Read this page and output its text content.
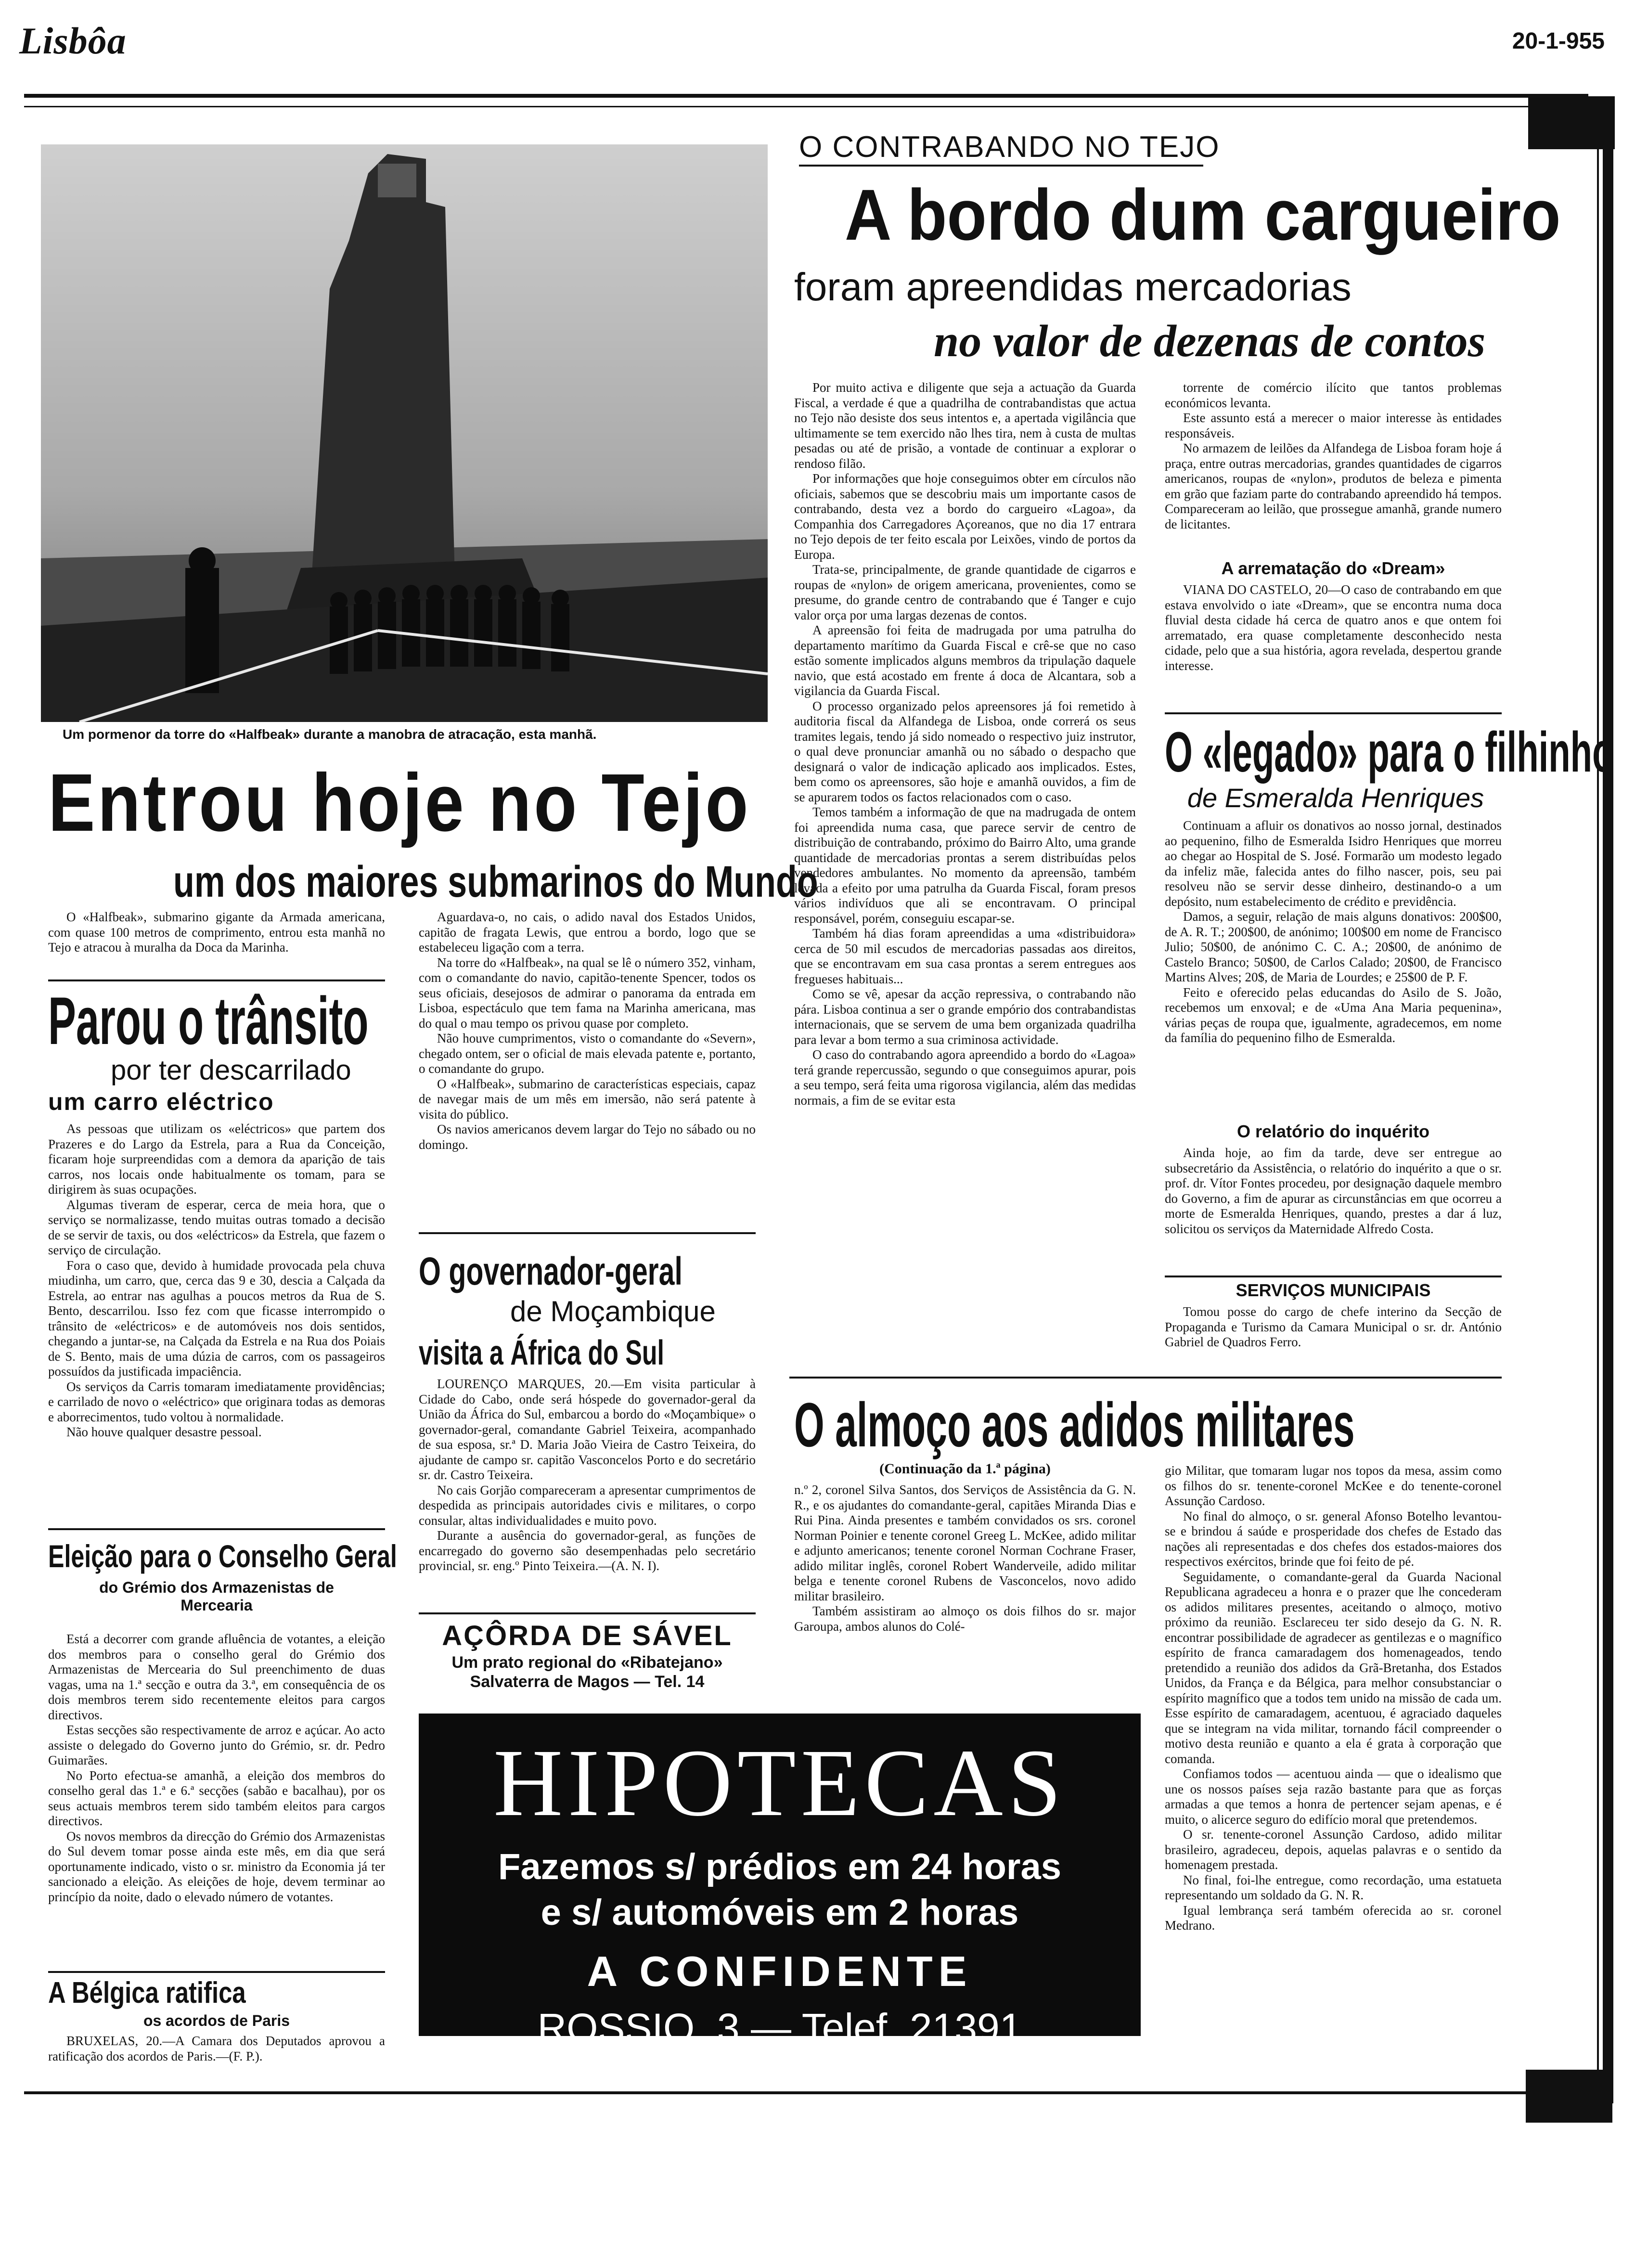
Lisbôa	20-1-955
Um pormenor da torre do «Halfbeak» durante a manobra de atracação, esta manhã.
Entrou hoje no Tejo
um dos maiores submarinos do Mundo

O «Halfbeak», submarino gigante da Armada americana, com quase 100 metros de comprimento, entrou esta manhã no Tejo e atracou à muralha da Doca da Marinha.

Aguardava-o, no cais, o adido naval dos Estados Unidos, capitão de fragata Lewis, que entrou a bordo, logo que se estabeleceu ligação com a terra.

Na torre do «Halfbeak», na qual se lê o número 352, vinham, com o comandante do navio, capitão-tenente Spencer, todos os seus oficiais, desejosos de admirar o panorama da entrada em Lisboa, espectáculo que tem fama na Marinha americana, mas do qual o mau tempo os privou quase por completo.

Não houve cumprimentos, visto o comandante do «Severn», chegado ontem, ser o oficial de mais elevada patente e, portanto, o comandante do grupo.

O «Halfbeak», submarino de características especiais, capaz de navegar mais de um mês em imersão, não será patente à visita do público.

Os navios americanos devem largar do Tejo no sábado ou no domingo.

Parou o trânsito
por ter descarrilado
um carro eléctrico

As pessoas que utilizam os «eléctricos» que partem dos Prazeres e do Largo da Estrela, para a Rua da Conceição, ficaram hoje surpreendidas com a demora da aparição de tais carros, nos locais onde habitualmente os tomam, para se dirigirem às suas ocupações.

Algumas tiveram de esperar, cerca de meia hora, que o serviço se normalizasse, tendo muitas outras tomado a decisão de se servir de taxis, ou dos «eléctricos» da Estrela, que fazem o serviço de circulação.

Fora o caso que, devido à humidade provocada pela chuva miudinha, um carro, que, cerca das 9 e 30, descia a Calçada da Estrela, ao entrar nas agulhas a poucos metros da Rua de S. Bento, descarrilou. Isso fez com que ficasse interrompido o trânsito de «eléctricos» e de automóveis nos dois sentidos, chegando a juntar-se, na Calçada da Estrela e na Rua dos Poiais de S. Bento, mais de uma dúzia de carros, com os passageiros possuídos da justificada impaciência.

Os serviços da Carris tomaram imediatamente providências; e carrilado de novo o «eléctrico» que originara todas as demoras e aborrecimentos, tudo voltou à normalidade.

Não houve qualquer desastre pessoal.

Eleição para o Conselho Geral
do Grémio dos Armazenistas de Mercearia

Está a decorrer com grande afluência de votantes, a eleição dos membros para o conselho geral do Grémio dos Armazenistas de Mercearia do Sul preenchimento de duas vagas, uma na 1.ª secção e outra da 3.ª, em consequência de os dois membros terem sido recentemente eleitos para cargos directivos.

Estas secções são respectivamente de arroz e açúcar. Ao acto assiste o delegado do Governo junto do Grémio, sr. dr. Pedro Guimarães.

No Porto efectua-se amanhã, a eleição dos membros do conselho geral das 1.ª e 6.ª secções (sabão e bacalhau), por os seus actuais membros terem sido também eleitos para cargos directivos.

Os novos membros da direcção do Grémio dos Armazenistas do Sul devem tomar posse ainda este mês, em dia que será oportunamente indicado, visto o sr. ministro da Economia já ter sancionado a eleição. As eleições de hoje, devem terminar ao princípio da noite, dado o elevado número de votantes.

A Bélgica ratifica
os acordos de Paris

BRUXELAS, 20.—A Camara dos Deputados aprovou a ratificação dos acordos de Paris.—(F. P.).

O governador-geral
de Moçambique
visita a África do Sul

LOURENÇO MARQUES, 20.—Em visita particular à Cidade do Cabo, onde será hóspede do governador-geral da União da África do Sul, embarcou a bordo do «Moçambique» o governador-geral, comandante Gabriel Teixeira, acompanhado de sua esposa, sr.ª D. Maria João Vieira de Castro Teixeira, do ajudante de campo sr. capitão Vasconcelos Porto e do secretário sr. dr. Castro Teixeira.

No cais Gorjão compareceram a apresentar cumprimentos de despedida as principais autoridades civis e militares, o corpo consular, altas individualidades e muito povo.

Durante a ausência do governador-geral, as funções de encarregado do governo são desempenhadas pelo secretário provincial, sr. eng.º Pinto Teixeira.—(A. N. I).

AÇÔRDA DE SÁVEL
Um prato regional do «Ribatejano»
Salvaterra de Magos — Tel. 14
HIPOTECAS
Fazemos s/ prédios em 24 horas
e s/ automóveis em 2 horas
A CONFIDENTE
ROSSIO, 3 — Telef. 21391
O CONTRABANDO NO TEJO
A bordo dum cargueiro
foram apreendidas mercadorias
no valor de dezenas de contos

Por muito activa e diligente que seja a actuação da Guarda Fiscal, a verdade é que a quadrilha de contrabandistas que actua no Tejo não desiste dos seus intentos e, a apertada vigilância que ultimamente se tem exercido não lhes tira, nem à custa de multas pesadas ou até de prisão, a vontade de continuar a explorar o rendoso filão.

Por informações que hoje conseguimos obter em círculos não oficiais, sabemos que se descobriu mais um importante casos de contrabando, desta vez a bordo do cargueiro «Lagoa», da Companhia dos Carregadores Açoreanos, que no dia 17 entrara no Tejo depois de ter feito escala por Leixões, vindo de portos da Europa.

Trata-se, principalmente, de grande quantidade de cigarros e roupas de «nylon» de origem americana, provenientes, como se presume, do grande centro de contrabando que é Tanger e cujo valor orça por uma largas dezenas de contos.

A apreensão foi feita de madrugada por uma patrulha do departamento marítimo da Guarda Fiscal e crê-se que no caso estão somente implicados alguns membros da tripulação daquele navio, que está acostado em frente á doca de Alcantara, sob a vigilancia da Guarda Fiscal.

O processo organizado pelos apreensores já foi remetido à auditoria fiscal da Alfandega de Lisboa, onde correrá os seus tramites legais, tendo já sido nomeado o respectivo juiz instrutor, o qual deve pronunciar amanhã ou no sábado o despacho que designará o valor de indicação aplicado aos implicados. Estes, bem como os apreensores, são hoje e amanhã ouvidos, a fim de se apurarem todos os factos relacionados com o caso.

Temos também a informação de que na madrugada de ontem foi apreendida numa casa, que parece servir de centro de distribuição de contrabando, próximo do Bairro Alto, uma grande quantidade de mercadorias prontas a serem distribuídas pelos vendedores ambulantes. No momento da apreensão, também levada a efeito por uma patrulha da Guarda Fiscal, foram presos vários indivíduos que ali se encontravam. O principal responsável, porém, conseguiu escapar-se.

Também há dias foram apreendidas a uma «distribuidora» cerca de 50 mil escudos de mercadorias passadas aos direitos, que se encontravam em sua casa prontas a serem entregues aos fregueses habituais...

Como se vê, apesar da acção repressiva, o contrabando não pára. Lisboa continua a ser o grande empório dos contrabandistas internacionais, que se servem de uma bem organizada quadrilha para levar a bom termo a sua criminosa actividade.

O caso do contrabando agora apreendido a bordo do «Lagoa» terá grande repercussão, segundo o que conseguimos apurar, pois a seu tempo, será feita uma rigorosa vigilancia, além das medidas normais, a fim de se evitar esta

torrente de comércio ilícito que tantos problemas económicos levanta.

Este assunto está a merecer o maior interesse às entidades responsáveis.

No armazem de leilões da Alfandega de Lisboa foram hoje á praça, entre outras mercadorias, grandes quantidades de cigarros americanos, roupas de «nylon», produtos de beleza e pimenta em grão que faziam parte do contrabando apreendido há tempos. Compareceram ao leilão, que prossegue amanhã, grande numero de licitantes.

A arrematação do «Dream»

VIANA DO CASTELO, 20—O caso de contrabando em que estava envolvido o iate «Dream», que se encontra numa doca fluvial desta cidade há cerca de quatro anos e que ontem foi arrematado, era quase completamente desconhecido nesta cidade, pelo que a sua história, agora revelada, despertou grande interesse.

O «legado» para o filhinho
de Esmeralda Henriques

Continuam a afluir os donativos ao nosso jornal, destinados ao pequenino, filho de Esmeralda Isidro Henriques que morreu ao chegar ao Hospital de S. José. Formarão um modesto legado da infeliz mãe, falecida antes do filho nascer, pois, seu pai resolveu não se servir desse dinheiro, destinando-o a um depósito, num estabelecimento de crédito e previdência.

Damos, a seguir, relação de mais alguns donativos: 200$00, de A. R. T.; 200$00, de anónimo; 100$00 em nome de Francisco Julio; 50$00, de anónimo C. C. A.; 20$00, de anónimo de Castelo Branco; 50$00, de Carlos Calado; 20$00, de Francisco Martins Alves; 20$, de Maria de Lourdes; e 25$00 de P. F.

Feito e oferecido pelas educandas do Asilo de S. João, recebemos um enxoval; e de «Uma Ana Maria pequenina», várias peças de roupa que, igualmente, agradecemos, em nome da família do pequenino filho de Esmeralda.

O relatório do inquérito

Ainda hoje, ao fim da tarde, deve ser entregue ao subsecretário da Assistência, o relatório do inquérito a que o sr. prof. dr. Vítor Fontes procedeu, por designação daquele membro do Governo, a fim de apurar as circunstâncias em que ocorreu a morte de Esmeralda Henriques, quando, prestes a dar á luz, solicitou os serviços da Maternidade Alfredo Costa.

SERVIÇOS MUNICIPAIS

Tomou posse do cargo de chefe interino da Secção de Propaganda e Turismo da Camara Municipal o sr. dr. António Gabriel de Quadros Ferro.

O almoço aos adidos militares
(Continuação da 1.ª página)

n.º 2, coronel Silva Santos, dos Serviços de Assistência da G. N. R., e os ajudantes do comandante-geral, capitães Miranda Dias e Rui Pina. Ainda presentes e também convidados os srs. coronel Norman Poinier e tenente coronel Greeg L. McKee, adido militar e adjunto americanos; tenente coronel Norman Cochrane Fraser, adido militar inglês, coronel Robert Wanderveile, adido militar belga e tenente coronel Rubens de Vasconcelos, novo adido militar brasileiro.

Também assistiram ao almoço os dois filhos do sr. major Garoupa, ambos alunos do Colé-

gio Militar, que tomaram lugar nos topos da mesa, assim como os filhos do sr. tenente-coronel McKee e do tenente-coronel Assunção Cardoso.

No final do almoço, o sr. general Afonso Botelho levantou-se e brindou á saúde e prosperidade dos chefes de Estado das nações ali representadas e dos chefes dos estados-maiores dos respectivos exércitos, brinde que foi feito de pé.

Seguidamente, o comandante-geral da Guarda Nacional Republicana agradeceu a honra e o prazer que lhe concederam os adidos militares presentes, aceitando o almoço, motivo próximo da reunião. Esclareceu ter sido desejo da G. N. R. encontrar possibilidade de agradecer as gentilezas e o magnífico espírito de franca camaradagem dos homenageados, tendo pretendido a reunião dos adidos da Grã-Bretanha, dos Estados Unidos, da França e da Bélgica, para melhor consubstanciar o espírito magnífico que a todos tem unido na missão de cada um. Esse espírito de camaradagem, acentuou, é agraciado daqueles que se integram na vida militar, tornando fácil compreender o motivo desta reunião e quanto a ela é grata à corporação que comanda.

Confiamos todos — acentuou ainda — que o idealismo que une os nossos países seja razão bastante para que as forças armadas a que temos a honra de pertencer sejam apenas, e é muito, o alicerce seguro do edifício moral que pretendemos.

O sr. tenente-coronel Assunção Cardoso, adido militar brasileiro, agradeceu, depois, aquelas palavras e o sentido da homenagem prestada.

No final, foi-lhe entregue, como recordação, uma estatueta representando um soldado da G. N. R.

Igual lembrança será também oferecida ao sr. coronel Medrano.
